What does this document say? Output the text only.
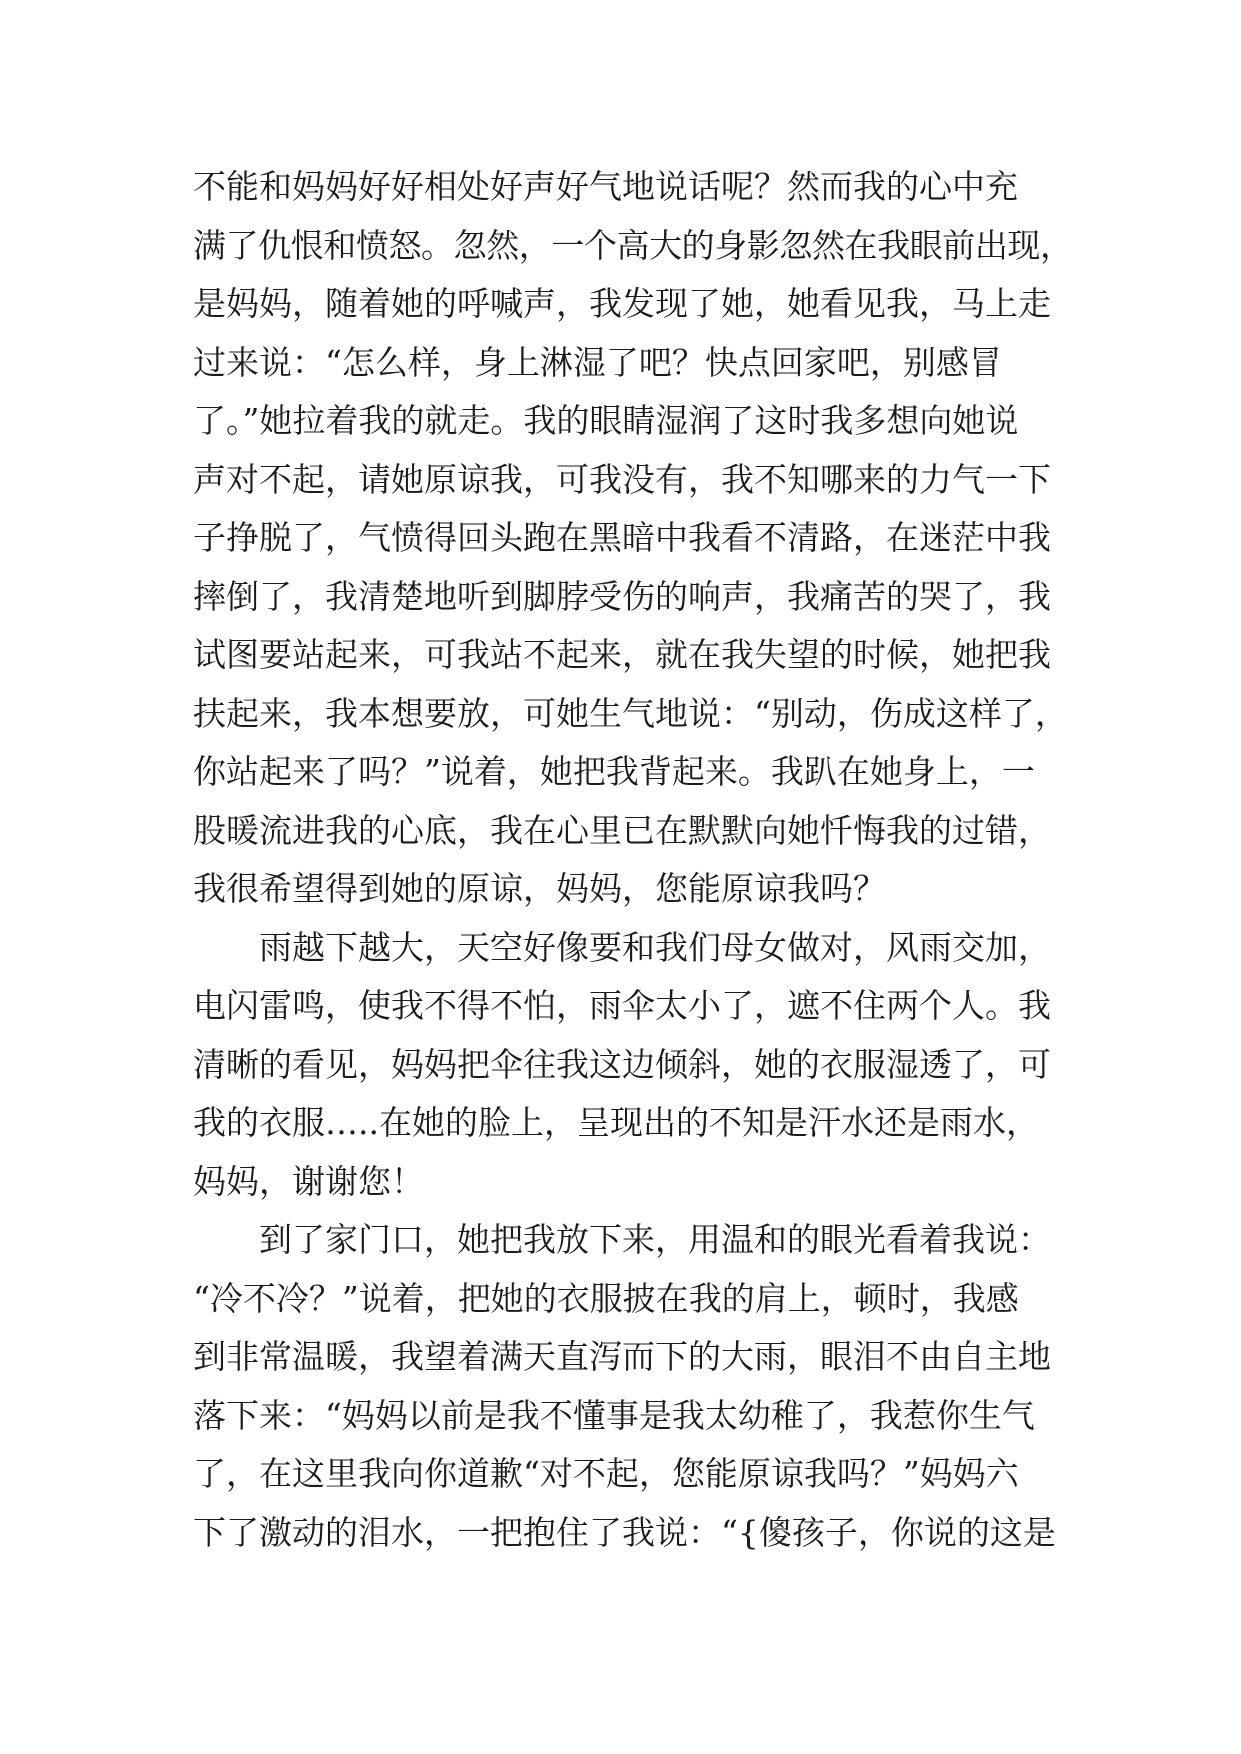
不能和妈妈好好相处好声好气地说话呢？然而我的心中充
满了仇恨和愤怒。忽然，一个高大的身影忽然在我眼前出现，
是妈妈，随着她的呼喊声，我发现了她，她看见我，马上走
过来说：“怎么样，身上淋湿了吧？快点回家吧，别感冒
了。”她拉着我的就走。我的眼睛湿润了这时我多想向她说
声对不起，请她原谅我，可我没有，我不知哪来的力气一下
子挣脱了，气愤得回头跑在黑暗中我看不清路，在迷茫中我
摔倒了，我清楚地听到脚脖受伤的响声，我痛苦的哭了，我
试图要站起来，可我站不起来，就在我失望的时候，她把我
扶起来，我本想要放，可她生气地说：“别动，伤成这样了，
你站起来了吗？”说着，她把我背起来。我趴在她身上，一
股暖流进我的心底，我在心里已在默默向她忏悔我的过错，
我很希望得到她的原谅，妈妈，您能原谅我吗？
雨越下越大，天空好像要和我们母女做对，风雨交加，
电闪雷鸣，使我不得不怕，雨伞太小了，遮不住两个人。我
清晰的看见，妈妈把伞往我这边倾斜，她的衣服湿透了，可
我的衣服…..在她的脸上，呈现出的不知是汗水还是雨水，
妈妈，谢谢您！
到了家门口，她把我放下来，用温和的眼光看着我说：
“冷不冷？”说着，把她的衣服披在我的肩上，顿时，我感
到非常温暖，我望着满天直泻而下的大雨，眼泪不由自主地
落下来：“妈妈以前是我不懂事是我太幼稚了，我惹你生气
了，在这里我向你道歉“对不起，您能原谅我吗？”妈妈六
下了激动的泪水，一把抱住了我说：“{傻孩子，你说的这是
